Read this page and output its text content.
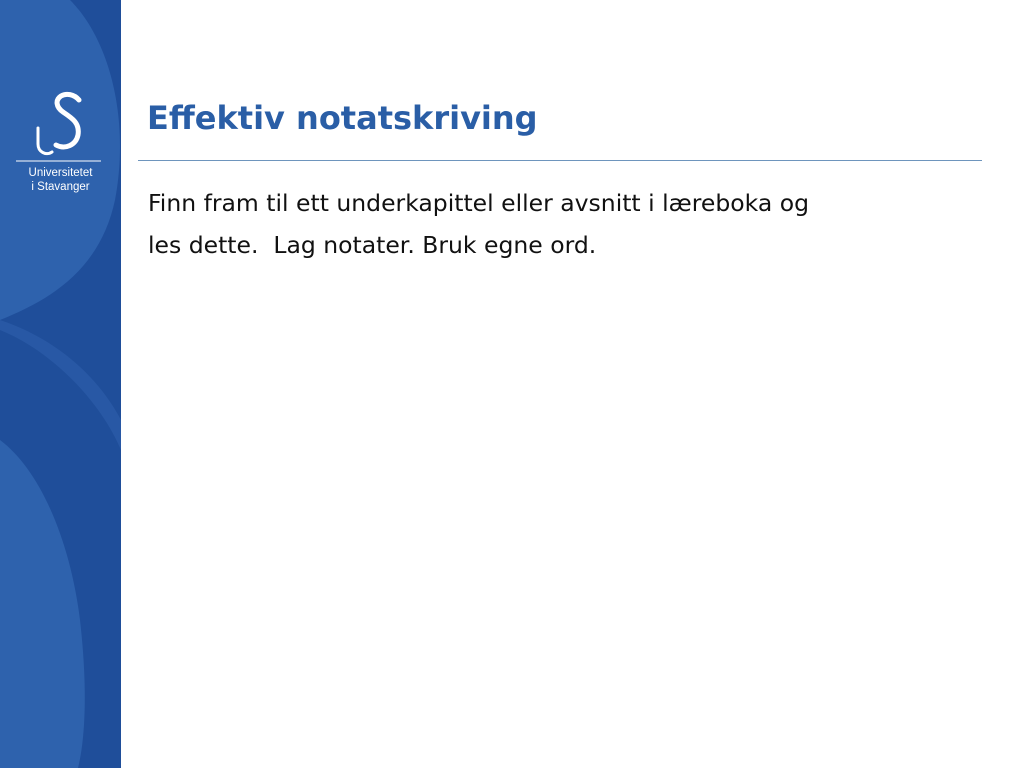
Universitetet
i Stavanger
Effektiv notatskriving

Finn fram til ett underkapittel eller avsnitt i læreboka og
les dette.  Lag notater. Bruk egne ord.
